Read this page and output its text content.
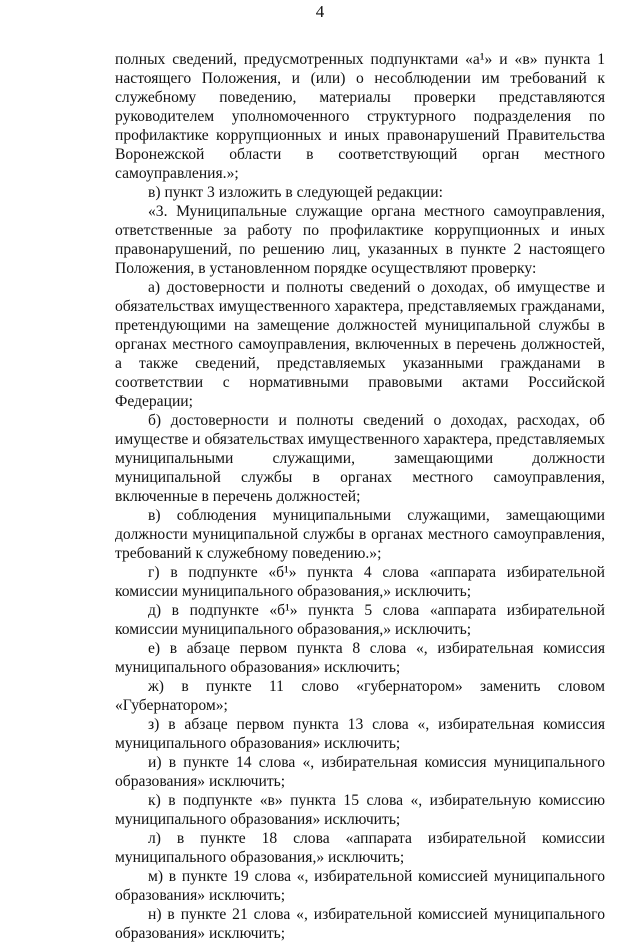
4

полных сведений, предусмотренных подпунктами «а¹» и «в» пункта 1 настоящего Положения, и (или) о несоблюдении им требований к служебному поведению, материалы проверки представляются руководителем уполномоченного структурного подразделения по профилактике коррупционных и иных правонарушений Правительства Воронежской области в соответствующий орган местного самоуправления.»;

в) пункт 3 изложить в следующей редакции:

«3. Муниципальные служащие органа местного самоуправления, ответственные за работу по профилактике коррупционных и иных правонарушений, по решению лиц, указанных в пункте 2 настоящего Положения, в установленном порядке осуществляют проверку:

а) достоверности и полноты сведений о доходах, об имуществе и обязательствах имущественного характера, представляемых гражданами, претендующими на замещение должностей муниципальной службы в органах местного самоуправления, включенных в перечень должностей, а также сведений, представляемых указанными гражданами в соответствии с нормативными правовыми актами Российской Федерации;

б) достоверности и полноты сведений о доходах, расходах, об имуществе и обязательствах имущественного характера, представляемых муниципальными служащими, замещающими должности муниципальной службы в органах местного самоуправления, включенные в перечень должностей;

в) соблюдения муниципальными служащими, замещающими должности муниципальной службы в органах местного самоуправления, требований к служебному поведению.»;

г) в подпункте «б¹» пункта 4 слова «аппарата избирательной комиссии муниципального образования,» исключить;

д) в подпункте «б¹» пункта 5 слова «аппарата избирательной комиссии муниципального образования,» исключить;

е) в абзаце первом пункта 8 слова «, избирательная комиссия муниципального образования» исключить;

ж) в пункте 11 слово «губернатором» заменить словом «Губернатором»;

з) в абзаце первом пункта 13 слова «, избирательная комиссия муниципального образования» исключить;

и) в пункте 14 слова «, избирательная комиссия муниципального образования» исключить;

к) в подпункте «в» пункта 15 слова «, избирательную комиссию муниципального образования» исключить;

л) в пункте 18 слова «аппарата избирательной комиссии муниципального образования,» исключить;

м) в пункте 19 слова «, избирательной комиссией муниципального образования» исключить;

н) в пункте 21 слова «, избирательной комиссией муниципального образования» исключить;
